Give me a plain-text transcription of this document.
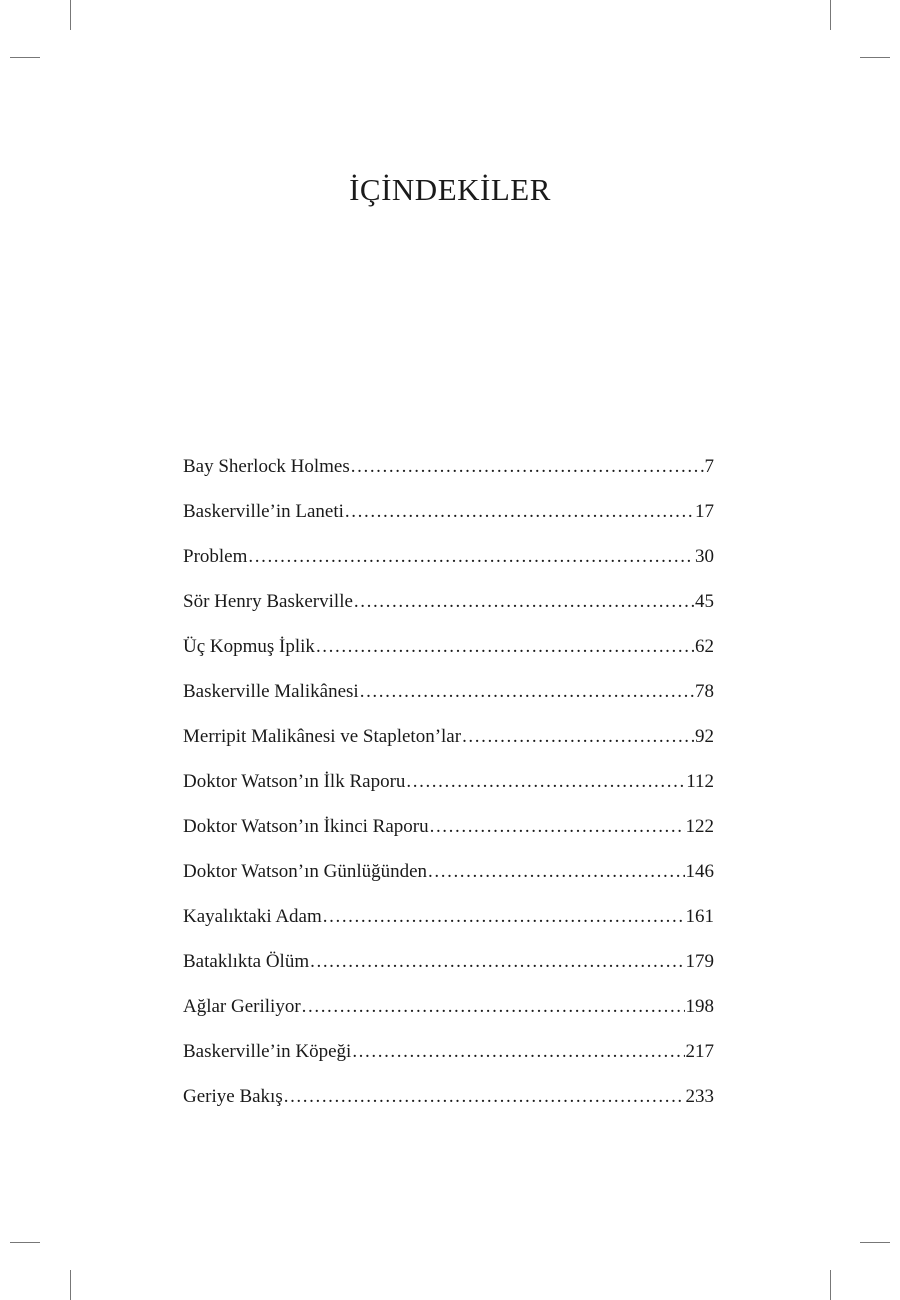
İÇİNDEKİLER
Bay Sherlock Holmes .....	7
Baskerville’in Laneti .....	17
Problem .....	30
Sör Henry Baskerville .....	45
Üç Kopmuş İplik .....	62
Baskerville Malikânesi .....	78
Merripit Malikânesi ve Stapleton’lar .....	92
Doktor Watson’ın İlk Raporu .....	112
Doktor Watson’ın İkinci Raporu .....	122
Doktor Watson’ın Günlüğünden .....	146
Kayalıktaki Adam .....	161
Bataklıkta Ölüm .....	179
Ağlar Geriliyor .....	198
Baskerville’in Köpeği .....	217
Geriye Bakış .....	233
